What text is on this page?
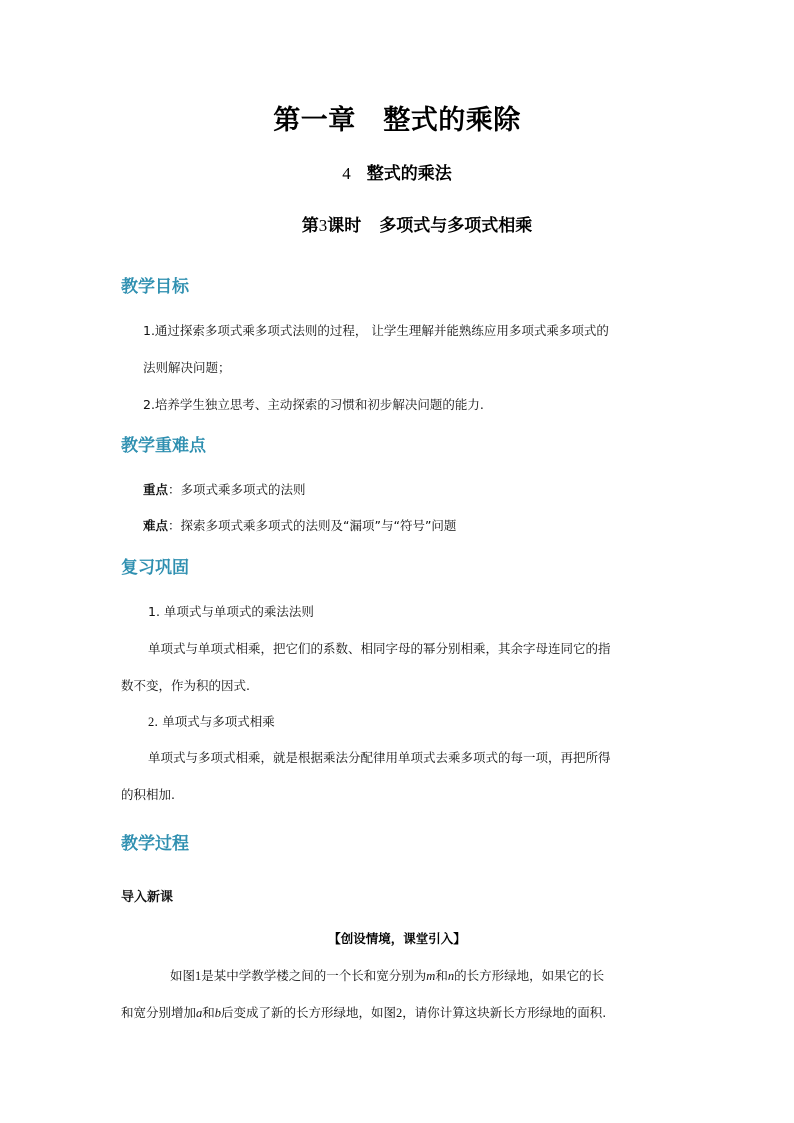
第一章　整式的乘除
4 整式的乘法
第3课时 多项式与多项式相乘
教学目标
1.通过探索多项式乘多项式法则的过程， 让学生理解并能熟练应用多项式乘多项式的
法则解决问题；
2.培养学生独立思考、主动探索的习惯和初步解决问题的能力.
教学重难点
重点：多项式乘多项式的法则
难点：探索多项式乘多项式的法则及“漏项”与“符号”问题
复习巩固
1. 单项式与单项式的乘法法则
单项式与单项式相乘，把它们的系数、相同字母的幂分别相乘，其余字母连同它的指
数不变，作为积的因式.
2. 单项式与多项式相乘
单项式与多项式相乘，就是根据乘法分配律用单项式去乘多项式的每一项，再把所得
的积相加.
教学过程
导入新课
【创设情境，课堂引入】
如图1是某中学教学楼之间的一个长和宽分别为m和n的长方形绿地，如果它的长
和宽分别增加a和b后变成了新的长方形绿地，如图2，请你计算这块新长方形绿地的面积.
